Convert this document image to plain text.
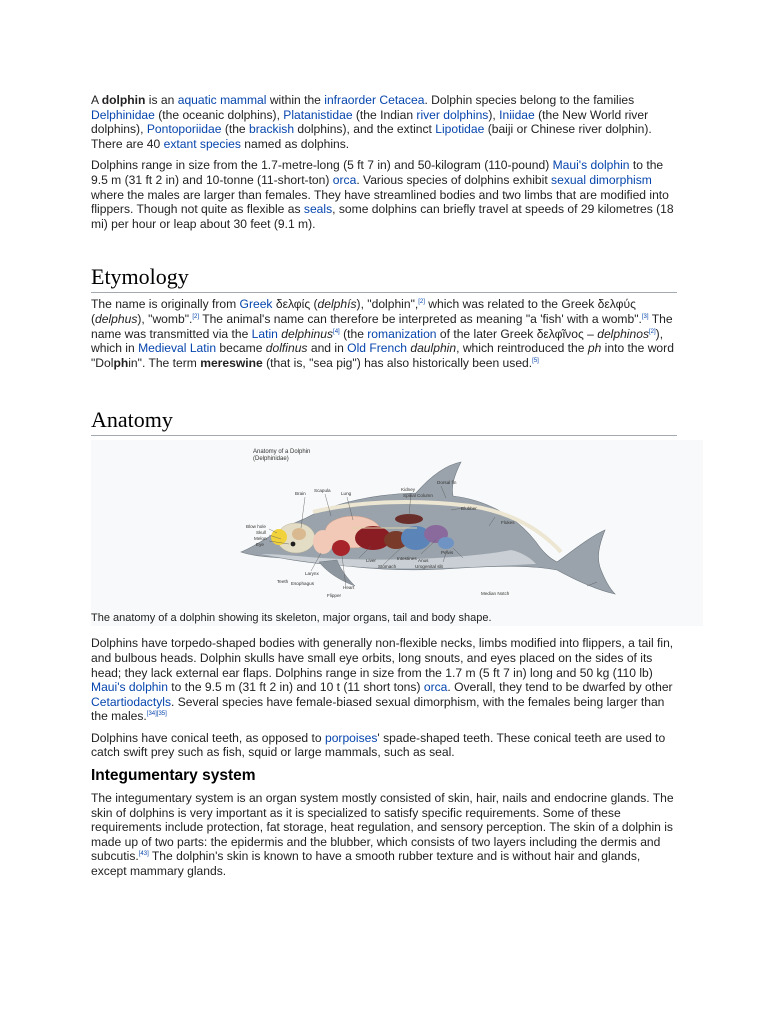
A dolphin is an aquatic mammal within the infraorder Cetacea. Dolphin species belong to the families Delphinidae (the oceanic dolphins), Platanistidae (the Indian river dolphins), Iniidae (the New World river dolphins), Pontoporiidae (the brackish dolphins), and the extinct Lipotidae (baiji or Chinese river dolphin). There are 40 extant species named as dolphins.

Dolphins range in size from the 1.7-metre-long (5 ft 7 in) and 50-kilogram (110-pound) Maui's dolphin to the 9.5 m (31 ft 2 in) and 10-tonne (11-short-ton) orca. Various species of dolphins exhibit sexual dimorphism where the males are larger than females. They have streamlined bodies and two limbs that are modified into flippers. Though not quite as flexible as seals, some dolphins can briefly travel at speeds of 29 kilometres (18 mi) per hour or leap about 30 feet (9.1 m).

Etymology

The name is originally from Greek δελφίς (delphís), "dolphin",[2] which was related to the Greek δελφύς (delphus), "womb".[2] The animal's name can therefore be interpreted as meaning "a 'fish' with a womb".[3] The name was transmitted via the Latin delphinus[4] (the romanization of the later Greek δελφῖνος – delphinos[2]), which in Medieval Latin became dolfinus and in Old French daulphin, which reintroduced the ph into the word "Dolphin". The term mereswine (that is, "sea pig") has also historically been used.[5]

Anatomy
Anatomy of a Dolphin
(Delphinidae)
Brain
Scapula
Lung
Kidney
Spinal Column
Dorsal fin
Blubber
Flukes
Blow hole
Skull
Melon
Eye
Larynx
Teeth Esophagus
Heart
Flipper
Liver
Stomach
Intestines
Urogenital slit
Anus
Pelvis
Median Notch
The anatomy of a dolphin showing its skeleton, major organs, tail and body shape.

Dolphins have torpedo-shaped bodies with generally non-flexible necks, limbs modified into flippers, a tail fin, and bulbous heads. Dolphin skulls have small eye orbits, long snouts, and eyes placed on the sides of its head; they lack external ear flaps. Dolphins range in size from the 1.7 m (5 ft 7 in) long and 50 kg (110 lb) Maui's dolphin to the 9.5 m (31 ft 2 in) and 10 t (11 short tons) orca. Overall, they tend to be dwarfed by other Cetartiodactyls. Several species have female-biased sexual dimorphism, with the females being larger than the males.[34][35]

Dolphins have conical teeth, as opposed to porpoises' spade-shaped teeth. These conical teeth are used to catch swift prey such as fish, squid or large mammals, such as seal.

Integumentary system

The integumentary system is an organ system mostly consisted of skin, hair, nails and endocrine glands. The skin of dolphins is very important as it is specialized to satisfy specific requirements. Some of these requirements include protection, fat storage, heat regulation, and sensory perception. The skin of a dolphin is made up of two parts: the epidermis and the blubber, which consists of two layers including the dermis and subcutis.[43] The dolphin's skin is known to have a smooth rubber texture and is without hair and glands, except mammary glands.
